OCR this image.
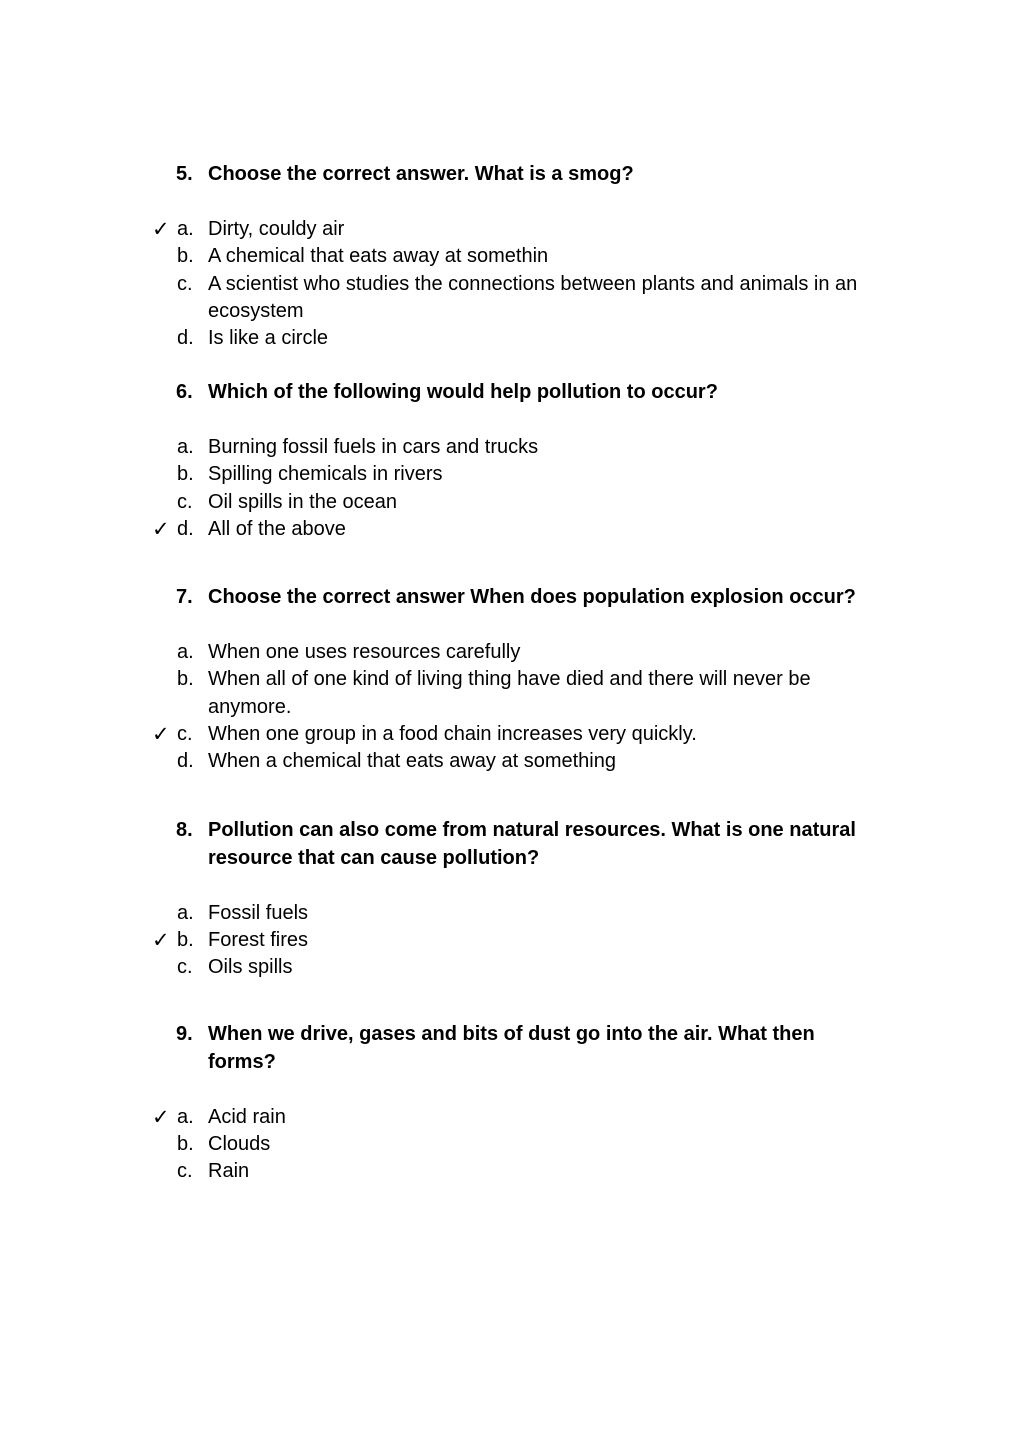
5. Choose the correct answer. What is a smog?
✓ a. Dirty, couldy air
b. A chemical that eats away at somethin
c. A scientist who studies the connections between plants and animals in an ecosystem
d. Is like a circle
6. Which of the following would help pollution to occur?
a. Burning fossil fuels in cars and trucks
b. Spilling chemicals in rivers
c. Oil spills in the ocean
✓ d. All of the above
7. Choose the correct answer When does population explosion occur?
a. When one uses resources carefully
b. When all of one kind of living thing have died and there will never be anymore.
✓ c. When one group in a food chain increases very quickly.
d. When a chemical that eats away at something
8. Pollution can also come from natural resources. What is one natural resource that can cause pollution?
a. Fossil fuels
✓ b. Forest fires
c. Oils spills
9. When we drive, gases and bits of dust go into the air. What then forms?
✓ a. Acid rain
b. Clouds
c. Rain
